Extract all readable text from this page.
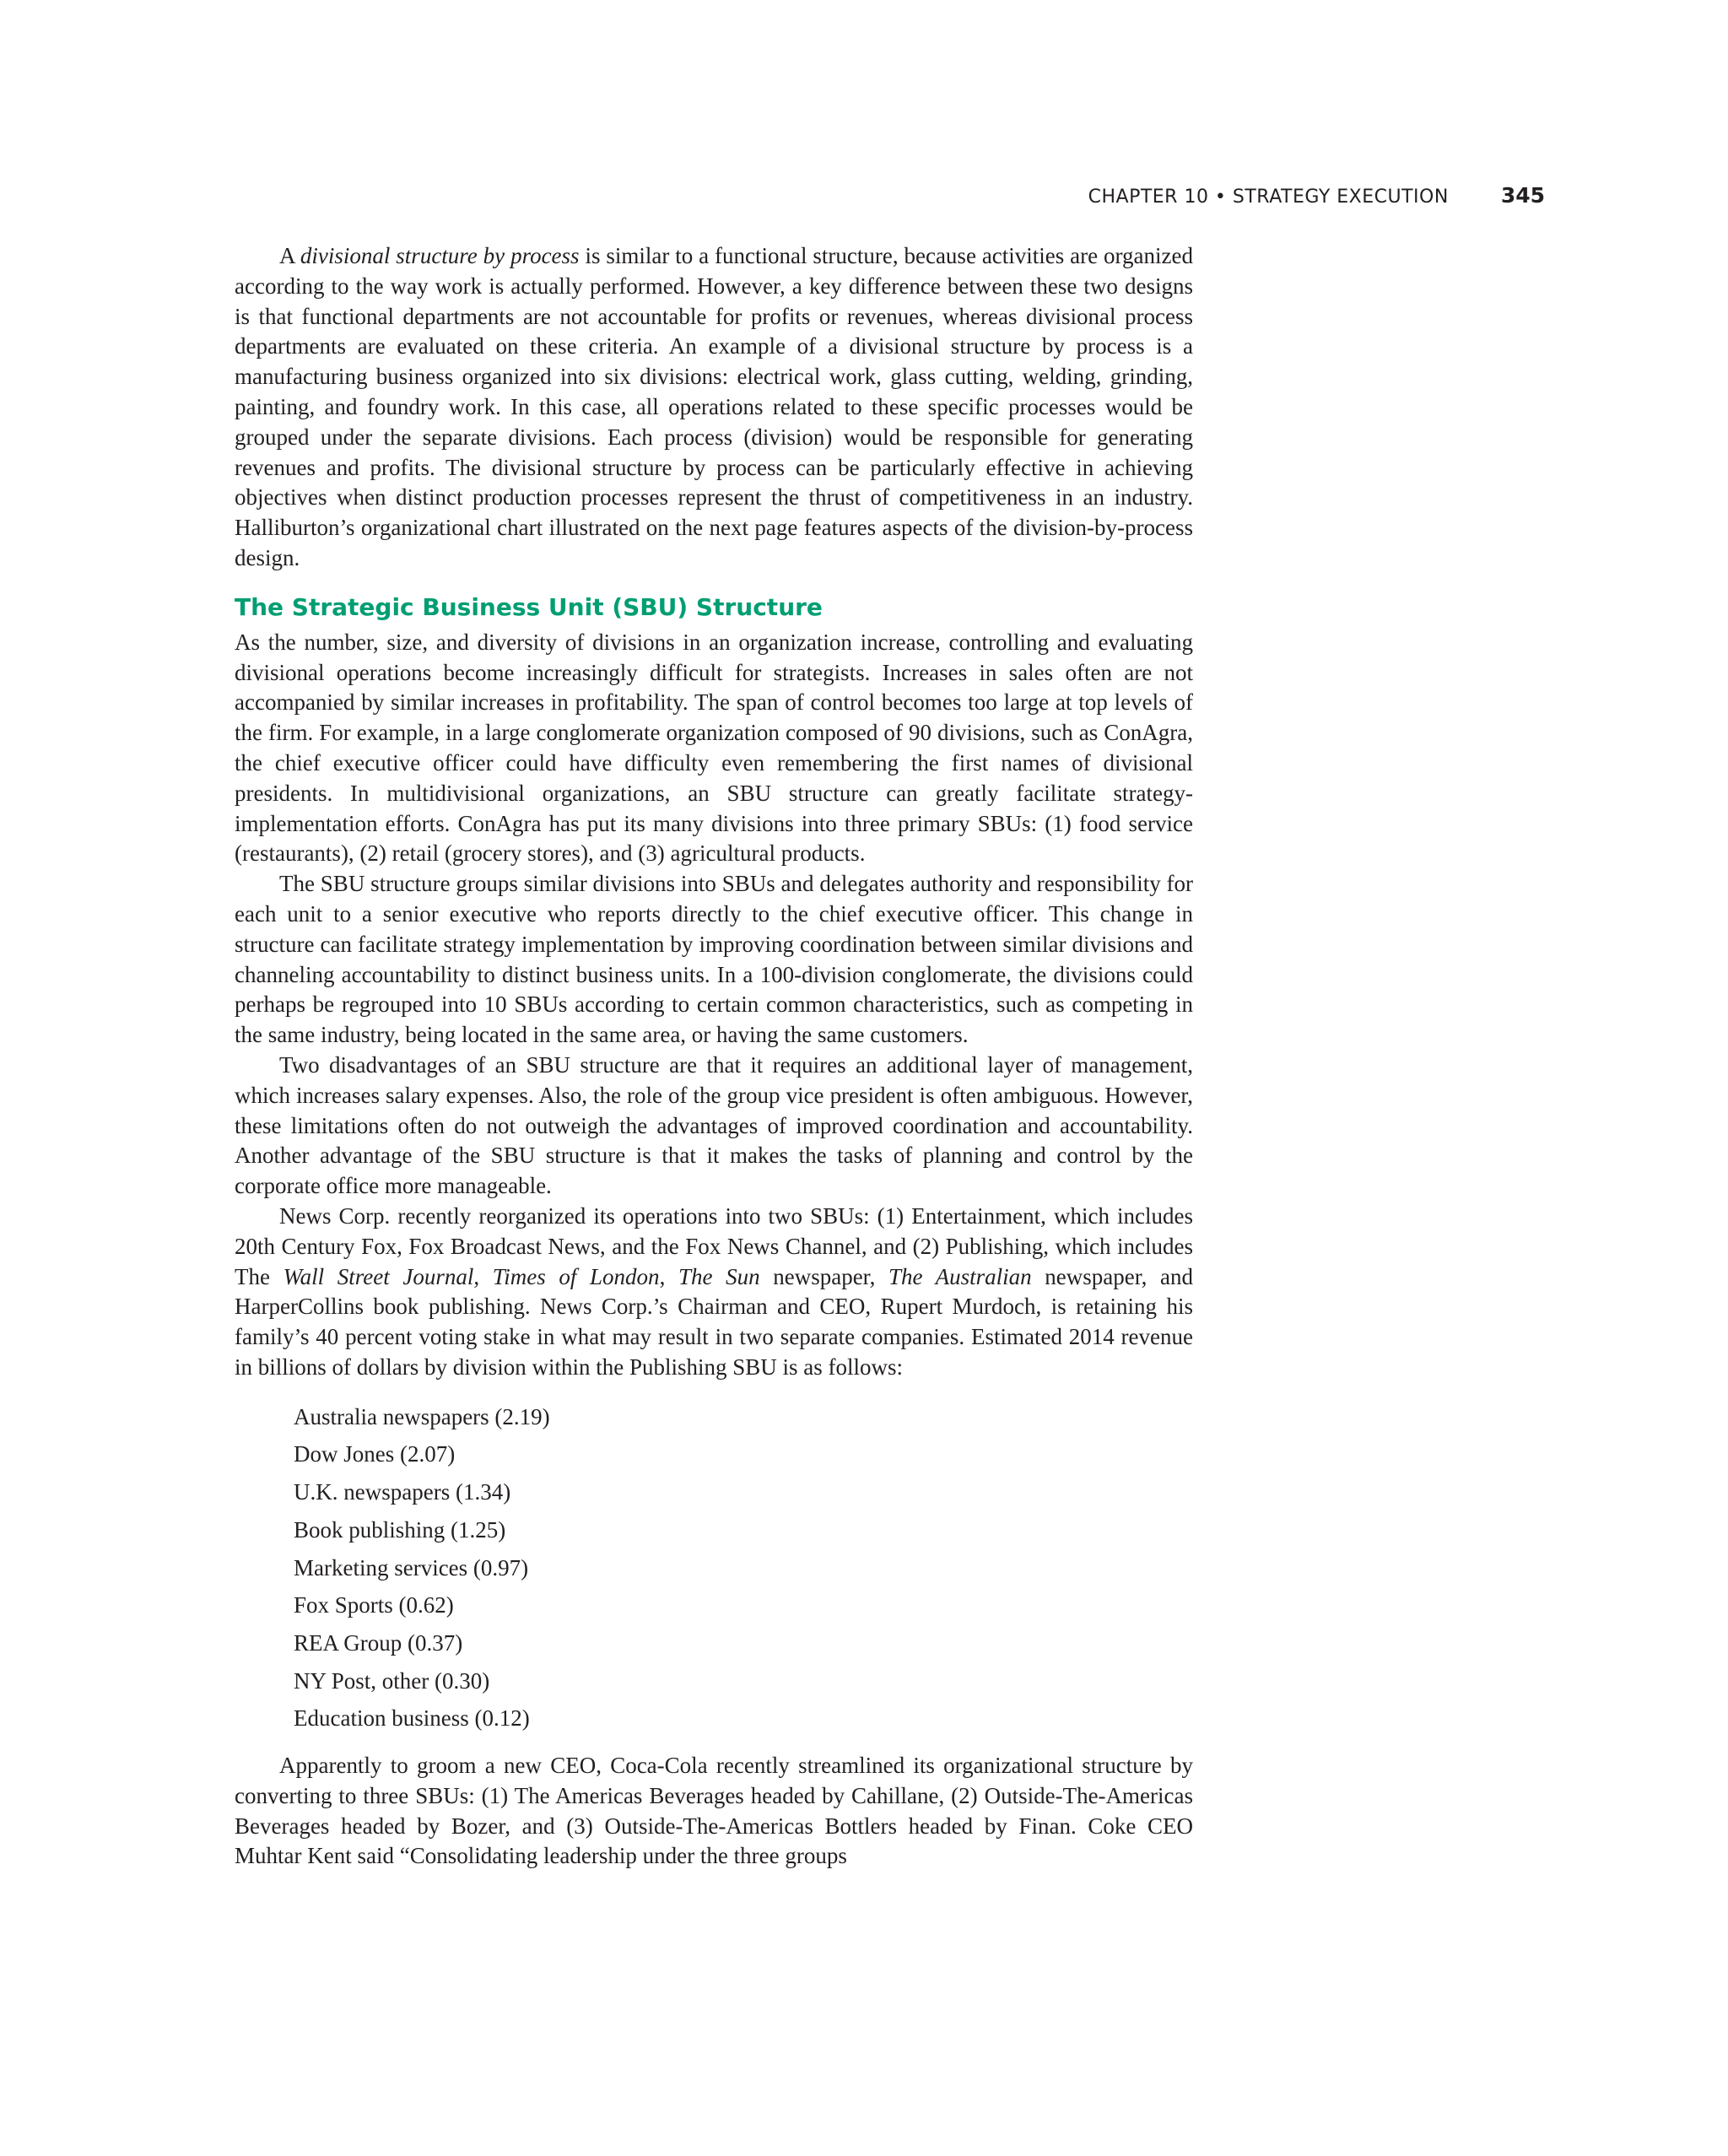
CHAPTER 10 • STRATEGY EXECUTION 345

A divisional structure by process is similar to a functional structure, because activities are organized according to the way work is actually performed. However, a key difference between these two designs is that functional departments are not accountable for profits or revenues, whereas divisional process departments are evaluated on these criteria. An example of a divisional structure by process is a manufacturing business organized into six divisions: electrical work, glass cutting, welding, grinding, painting, and foundry work. In this case, all operations related to these specific processes would be grouped under the separate divisions. Each process (division) would be responsible for generating revenues and profits. The divisional structure by process can be particularly effective in achieving objectives when distinct production processes represent the thrust of competitiveness in an industry. Halliburton’s organizational chart illustrated on the next page features aspects of the division-by-process design.

The Strategic Business Unit (SBU) Structure

As the number, size, and diversity of divisions in an organization increase, controlling and evaluating divisional operations become increasingly difficult for strategists. Increases in sales often are not accompanied by similar increases in profitability. The span of control becomes too large at top levels of the firm. For example, in a large conglomerate organization composed of 90 divisions, such as ConAgra, the chief executive officer could have difficulty even remembering the first names of divisional presidents. In multidivisional organizations, an SBU structure can greatly facilitate strategy-implementation efforts. ConAgra has put its many divisions into three primary SBUs: (1) food service (restaurants), (2) retail (grocery stores), and (3) agricultural products.

The SBU structure groups similar divisions into SBUs and delegates authority and responsibility for each unit to a senior executive who reports directly to the chief executive officer. This change in structure can facilitate strategy implementation by improving coordination between similar divisions and channeling accountability to distinct business units. In a 100-division conglomerate, the divisions could perhaps be regrouped into 10 SBUs according to certain common characteristics, such as competing in the same industry, being located in the same area, or having the same customers.

Two disadvantages of an SBU structure are that it requires an additional layer of management, which increases salary expenses. Also, the role of the group vice president is often ambiguous. However, these limitations often do not outweigh the advantages of improved coordination and accountability. Another advantage of the SBU structure is that it makes the tasks of planning and control by the corporate office more manageable.

News Corp. recently reorganized its operations into two SBUs: (1) Entertainment, which includes 20th Century Fox, Fox Broadcast News, and the Fox News Channel, and (2) Publishing, which includes The Wall Street Journal, Times of London, The Sun newspaper, The Australian newspaper, and HarperCollins book publishing. News Corp.’s Chairman and CEO, Rupert Murdoch, is retaining his family’s 40 percent voting stake in what may result in two separate companies. Estimated 2014 revenue in billions of dollars by division within the Publishing SBU is as follows:

Australia newspapers (2.19)
Dow Jones (2.07)
U.K. newspapers (1.34)
Book publishing (1.25)
Marketing services (0.97)
Fox Sports (0.62)
REA Group (0.37)
NY Post, other (0.30)
Education business (0.12)

Apparently to groom a new CEO, Coca-Cola recently streamlined its organizational structure by converting to three SBUs: (1) The Americas Beverages headed by Cahillane, (2) Outside-The-Americas Beverages headed by Bozer, and (3) Outside-The-Americas Bottlers headed by Finan. Coke CEO Muhtar Kent said “Consolidating leadership under the three groups
